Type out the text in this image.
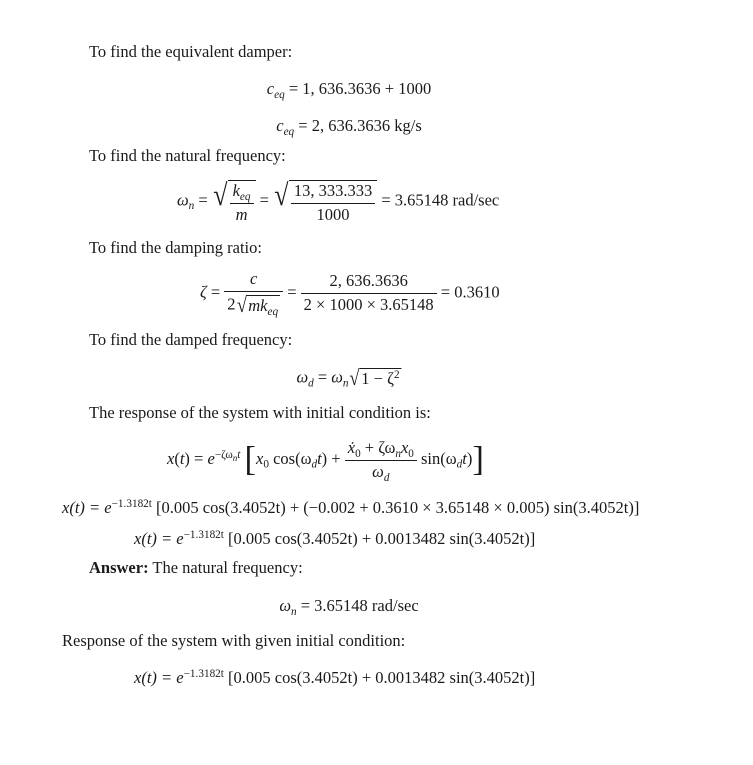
To find the equivalent damper:
$c_{eq} = 1$, 636.3636 + 1000
$c_{eq} = 2$, 636.3636 kg/s
To find the natural frequency:
$\omega_n$ = √ $\frac{k_{eq}}{m}$ = √ $\frac{13, 333.333}{1000} = 3.65148$ rad/sec
To find the damping ratio:
$\zeta = \frac{c}{2 √ mk_{eq}} = \frac{2, 636.3636}{2 \times 1000 \times 3.65148} = 0.3610$
To find the damped frequency:
$\omega_d = \omega_n$ √ $1 - \zeta^2$
The response of the system with initial condition is:
$x(t) = e^{-\zeta\omega_nt}$ [$x_0$ $\cos(\omega_dt) + \frac{ẋ_0 + \zeta\omega_nx_0}{\omega_d} \sin(\omega_dt)$]
$x(t) = e^{-1.3182t}$ [0.005 cos(3.4052t) + (−0.002 + 0.3610 × 3.65148 × 0.005) sin(3.4052t)]
$x(t) = e^{-1.3182t}$ [0.005 cos(3.4052t) + 0.0013482 sin(3.4052t)]
Answer: The natural frequency:
$\omega_n = 3.65148$ rad/sec
Response of the system with given initial condition:
$x(t) = e^{-1.3182t}$ [0.005 cos(3.4052t) + 0.0013482 sin(3.4052t)]
